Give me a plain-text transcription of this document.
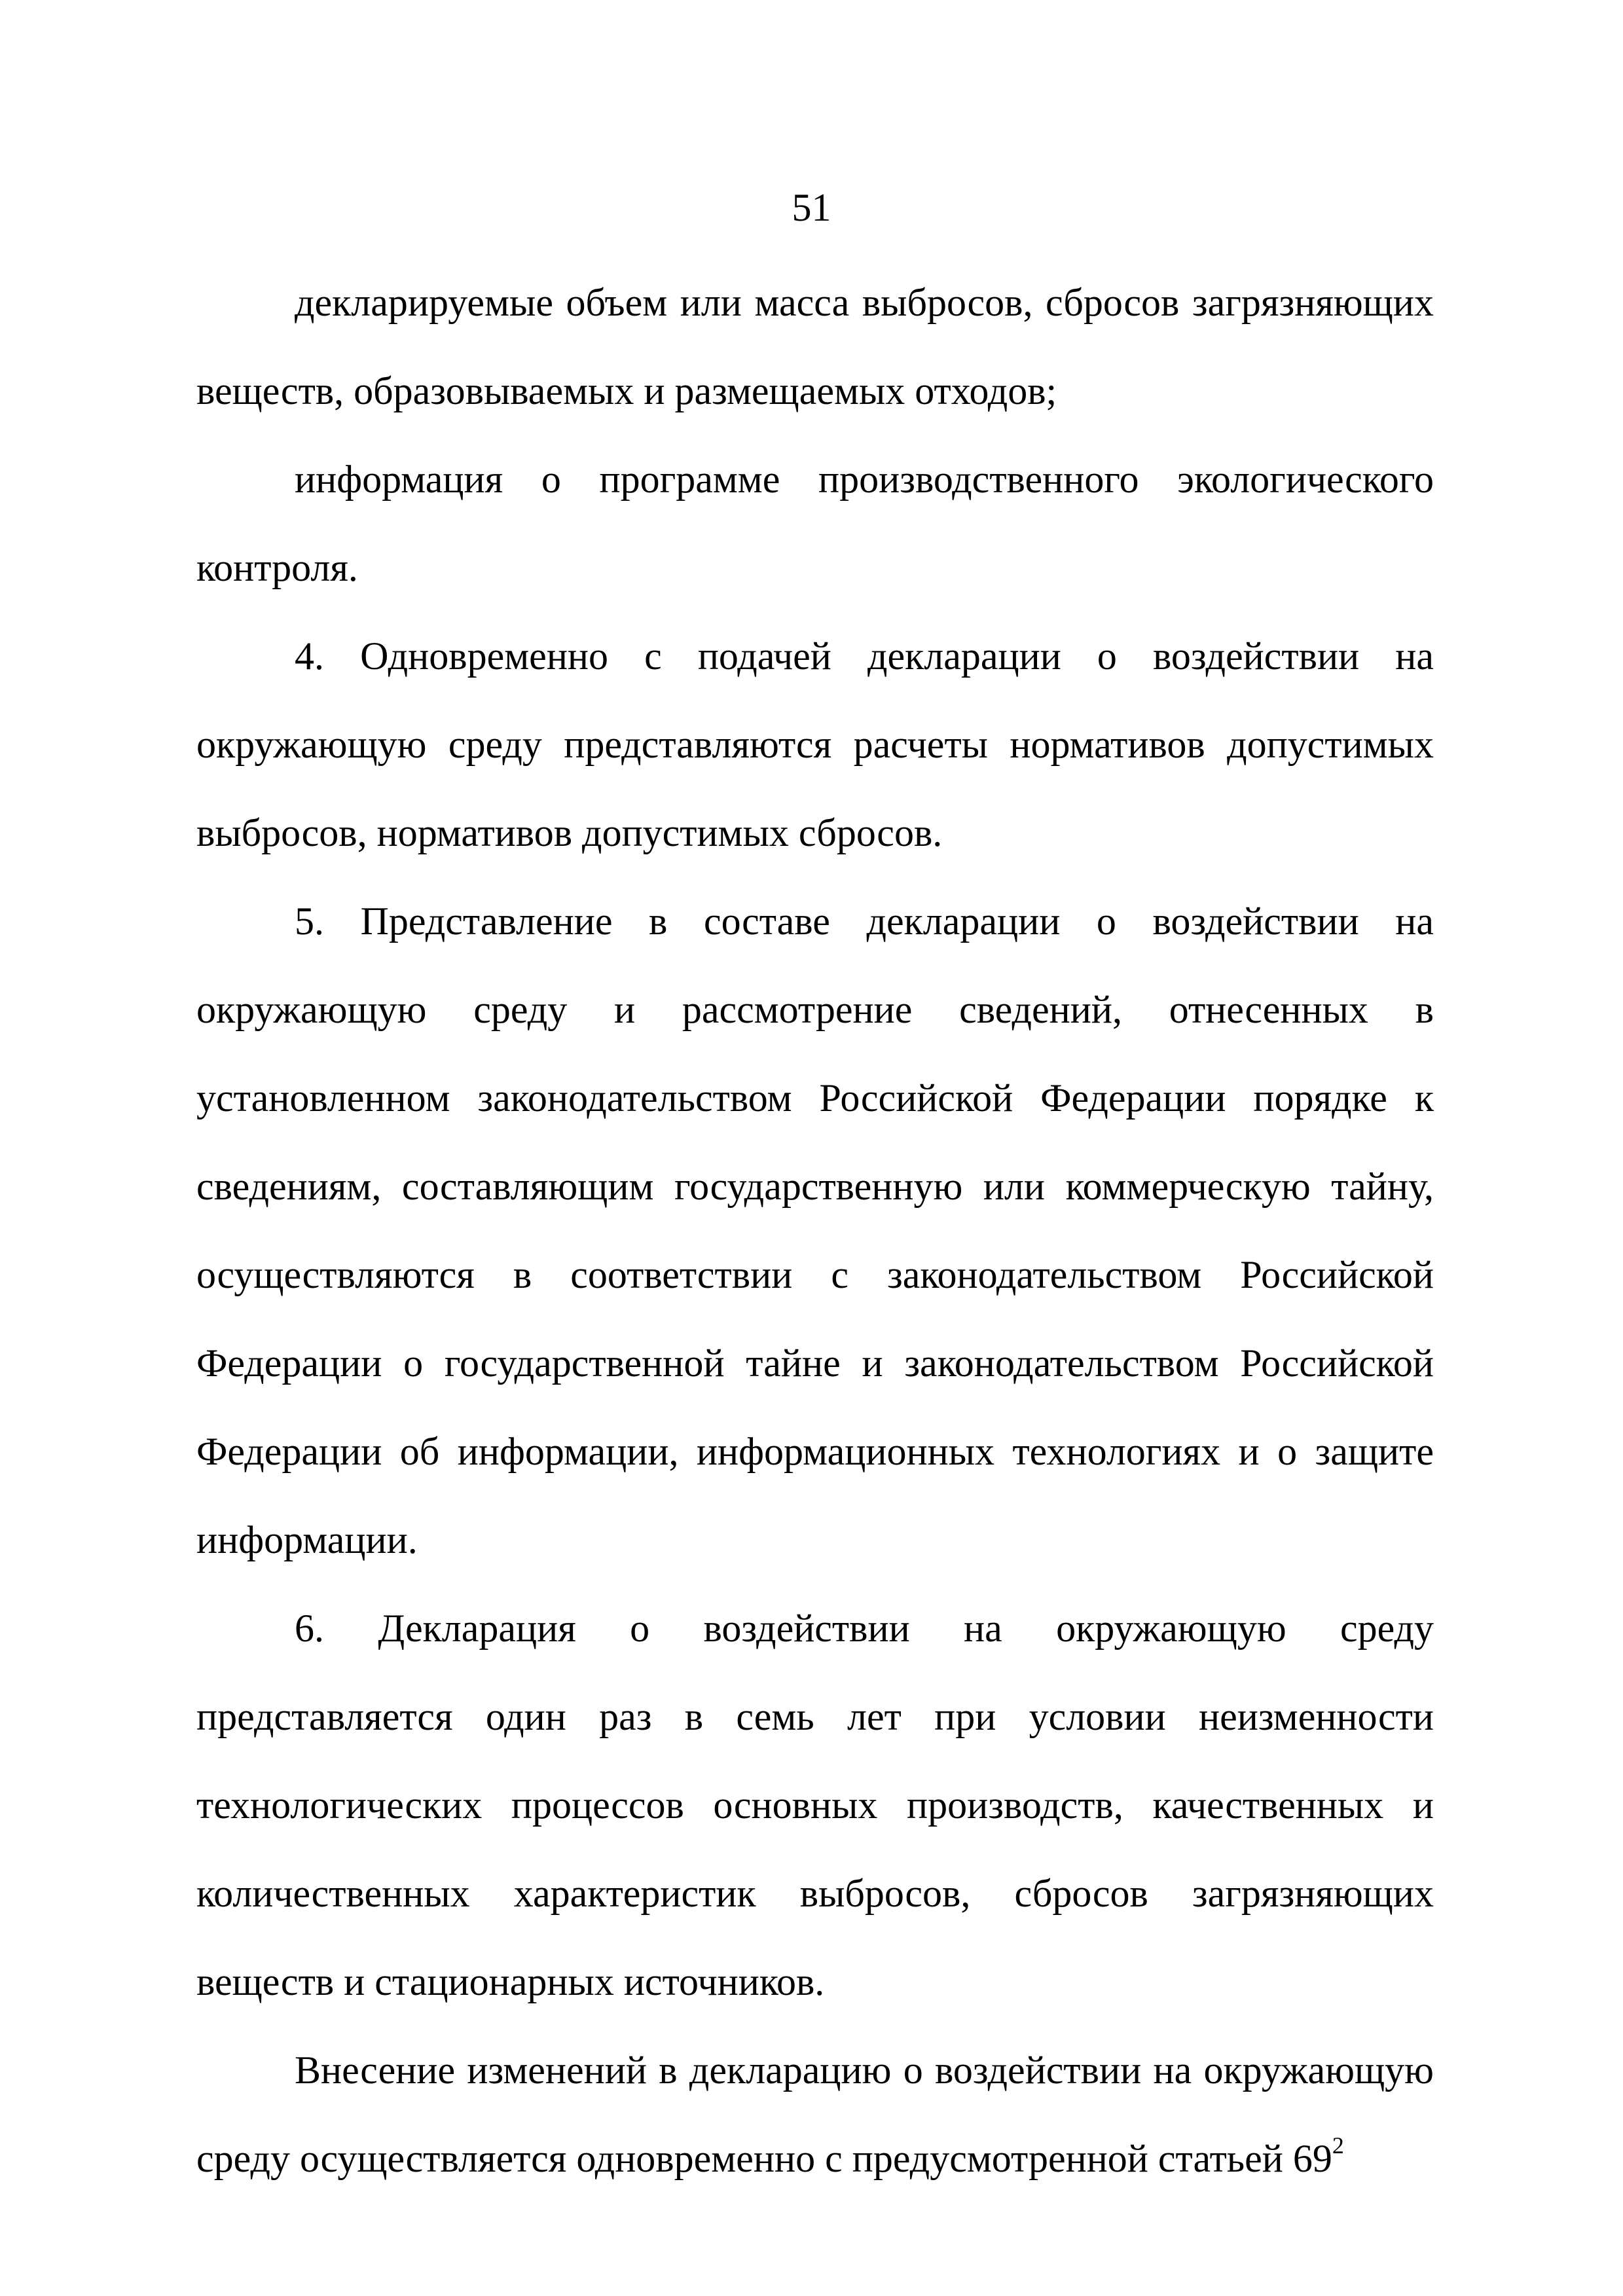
51

декларируемые объем или масса выбросов, сбросов загрязняющих веществ, образовываемых и размещаемых отходов;

информация о программе производственного экологического контроля.

4. Одновременно с подачей декларации о воздействии на окружающую среду представляются расчеты нормативов допустимых выбросов, нормативов допустимых сбросов.

5. Представление в составе декларации о воздействии на окружающую среду и рассмотрение сведений, отнесенных в установленном законодательством Российской Федерации порядке к сведениям, составляющим государственную или коммерческую тайну, осуществляются в соответствии с законодательством Российской Федерации о государственной тайне и законодательством Российской Федерации об информации, информационных технологиях и о защите информации.

6. Декларация о воздействии на окружающую среду представляется один раз в семь лет при условии неизменности технологических процессов основных производств, качественных и количественных характеристик выбросов, сбросов загрязняющих веществ и стационарных источников.

Внесение изменений в декларацию о воздействии на окружающую среду осуществляется одновременно с предусмотренной статьей $69^2$
